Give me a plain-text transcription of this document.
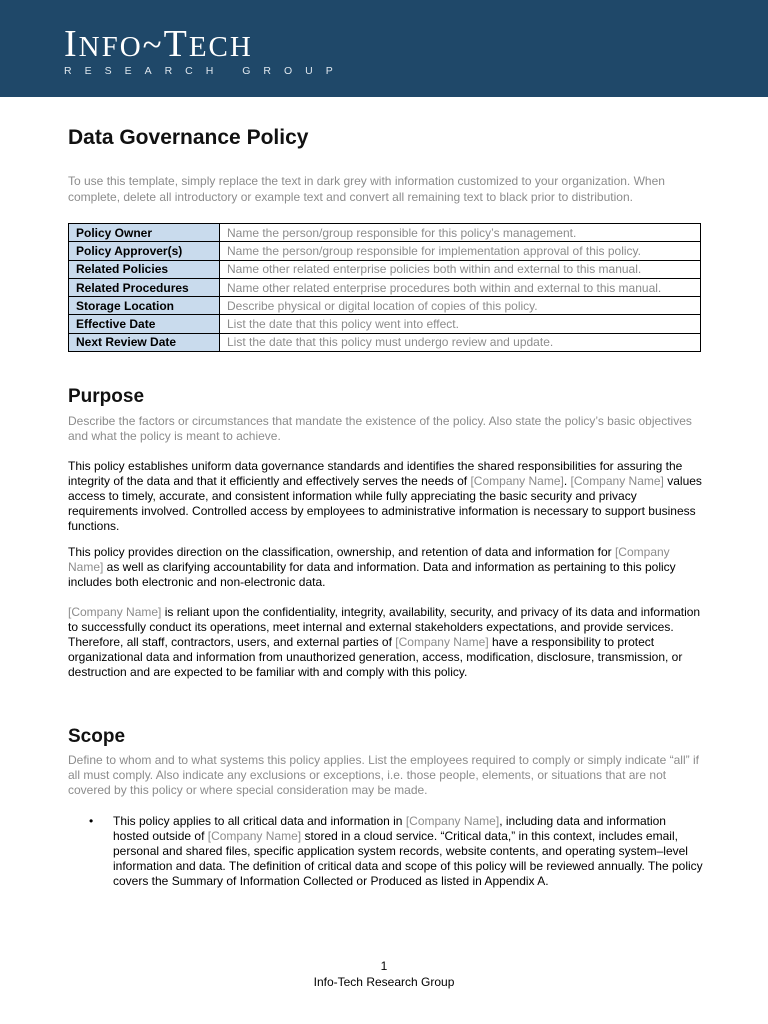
INFO~TECH
RESEARCH GROUP
Data Governance Policy
To use this template, simply replace the text in dark grey with information customized to your organization. When complete, delete all introductory or example text and convert all remaining text to black prior to distribution.
Policy Owner	Name the person/group responsible for this policy’s management.
Policy Approver(s)	Name the person/group responsible for implementation approval of this policy.
Related Policies	Name other related enterprise policies both within and external to this manual.
Related Procedures	Name other related enterprise procedures both within and external to this manual.
Storage Location	Describe physical or digital location of copies of this policy.
Effective Date	List the date that this policy went into effect.
Next Review Date	List the date that this policy must undergo review and update.
Purpose
Describe the factors or circumstances that mandate the existence of the policy. Also state the policy’s basic objectives and what the policy is meant to achieve.
This policy establishes uniform data governance standards and identifies the shared responsibilities for assuring the integrity of the data and that it efficiently and effectively serves the needs of [Company Name]. [Company Name] values access to timely, accurate, and consistent information while fully appreciating the basic security and privacy requirements involved. Controlled access by employees to administrative information is necessary to support business functions.
This policy provides direction on the classification, ownership, and retention of data and information for [Company Name] as well as clarifying accountability for data and information. Data and information as pertaining to this policy includes both electronic and non-electronic data.
[Company Name] is reliant upon the confidentiality, integrity, availability, security, and privacy of its data and information to successfully conduct its operations, meet internal and external stakeholders expectations, and provide services. Therefore, all staff, contractors, users, and external parties of [Company Name] have a responsibility to protect organizational data and information from unauthorized generation, access, modification, disclosure, transmission, or destruction and are expected to be familiar with and comply with this policy.
Scope
Define to whom and to what systems this policy applies. List the employees required to comply or simply indicate “all” if all must comply. Also indicate any exclusions or exceptions, i.e. those people, elements, or situations that are not covered by this policy or where special consideration may be made.
• This policy applies to all critical data and information in [Company Name], including data and information hosted outside of [Company Name] stored in a cloud service. “Critical data,” in this context, includes email, personal and shared files, specific application system records, website contents, and operating system–level information and data. The definition of critical data and scope of this policy will be reviewed annually. The policy covers the Summary of Information Collected or Produced as listed in Appendix A.
1
Info-Tech Research Group
